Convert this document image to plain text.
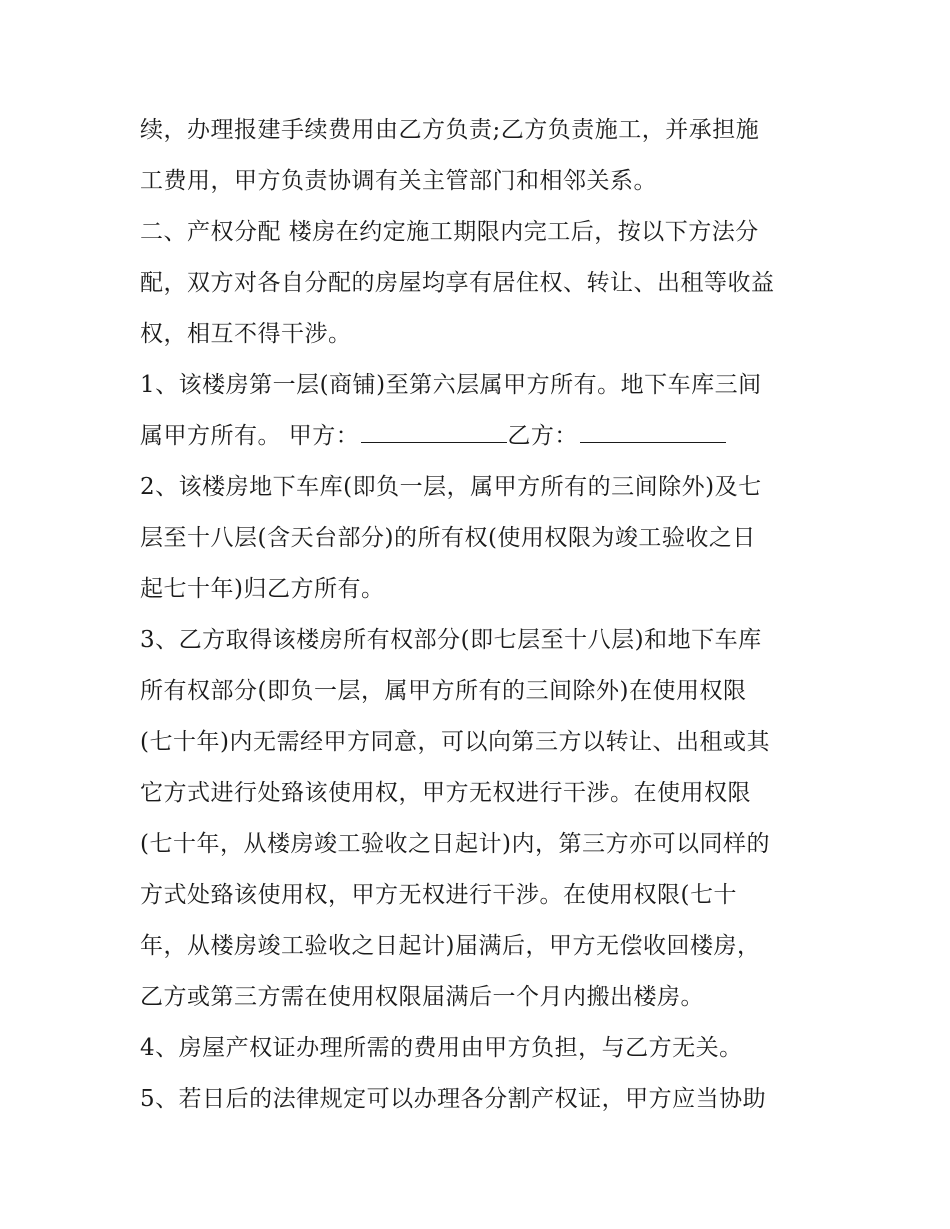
续，办理报建手续费用由乙方负责;乙方负责施工，并承担施
工费用，甲方负责协调有关主管部门和相邻关系。
二、产权分配 楼房在约定施工期限内完工后，按以下方法分
配，双方对各自分配的房屋均享有居住权、转让、出租等收益
权，相互不得干涉。
1、该楼房第一层(商铺)至第六层属甲方所有。地下车库三间
属甲方所有。 甲方：	乙方：
2、该楼房地下车库(即负一层，属甲方所有的三间除外)及七
层至十八层(含天台部分)的所有权(使用权限为竣工验收之日
起七十年)归乙方所有。
3、乙方取得该楼房所有权部分(即七层至十八层)和地下车库
所有权部分(即负一层，属甲方所有的三间除外)在使用权限
(七十年)内无需经甲方同意，可以向第三方以转让、出租或其
它方式进行处臵该使用权，甲方无权进行干涉。在使用权限
(七十年，从楼房竣工验收之日起计)内，第三方亦可以同样的
方式处臵该使用权，甲方无权进行干涉。在使用权限(七十
年，从楼房竣工验收之日起计)届满后，甲方无偿收回楼房，
乙方或第三方需在使用权限届满后一个月内搬出楼房。
4、房屋产权证办理所需的费用由甲方负担，与乙方无关。
5、若日后的法律规定可以办理各分割产权证，甲方应当协助
